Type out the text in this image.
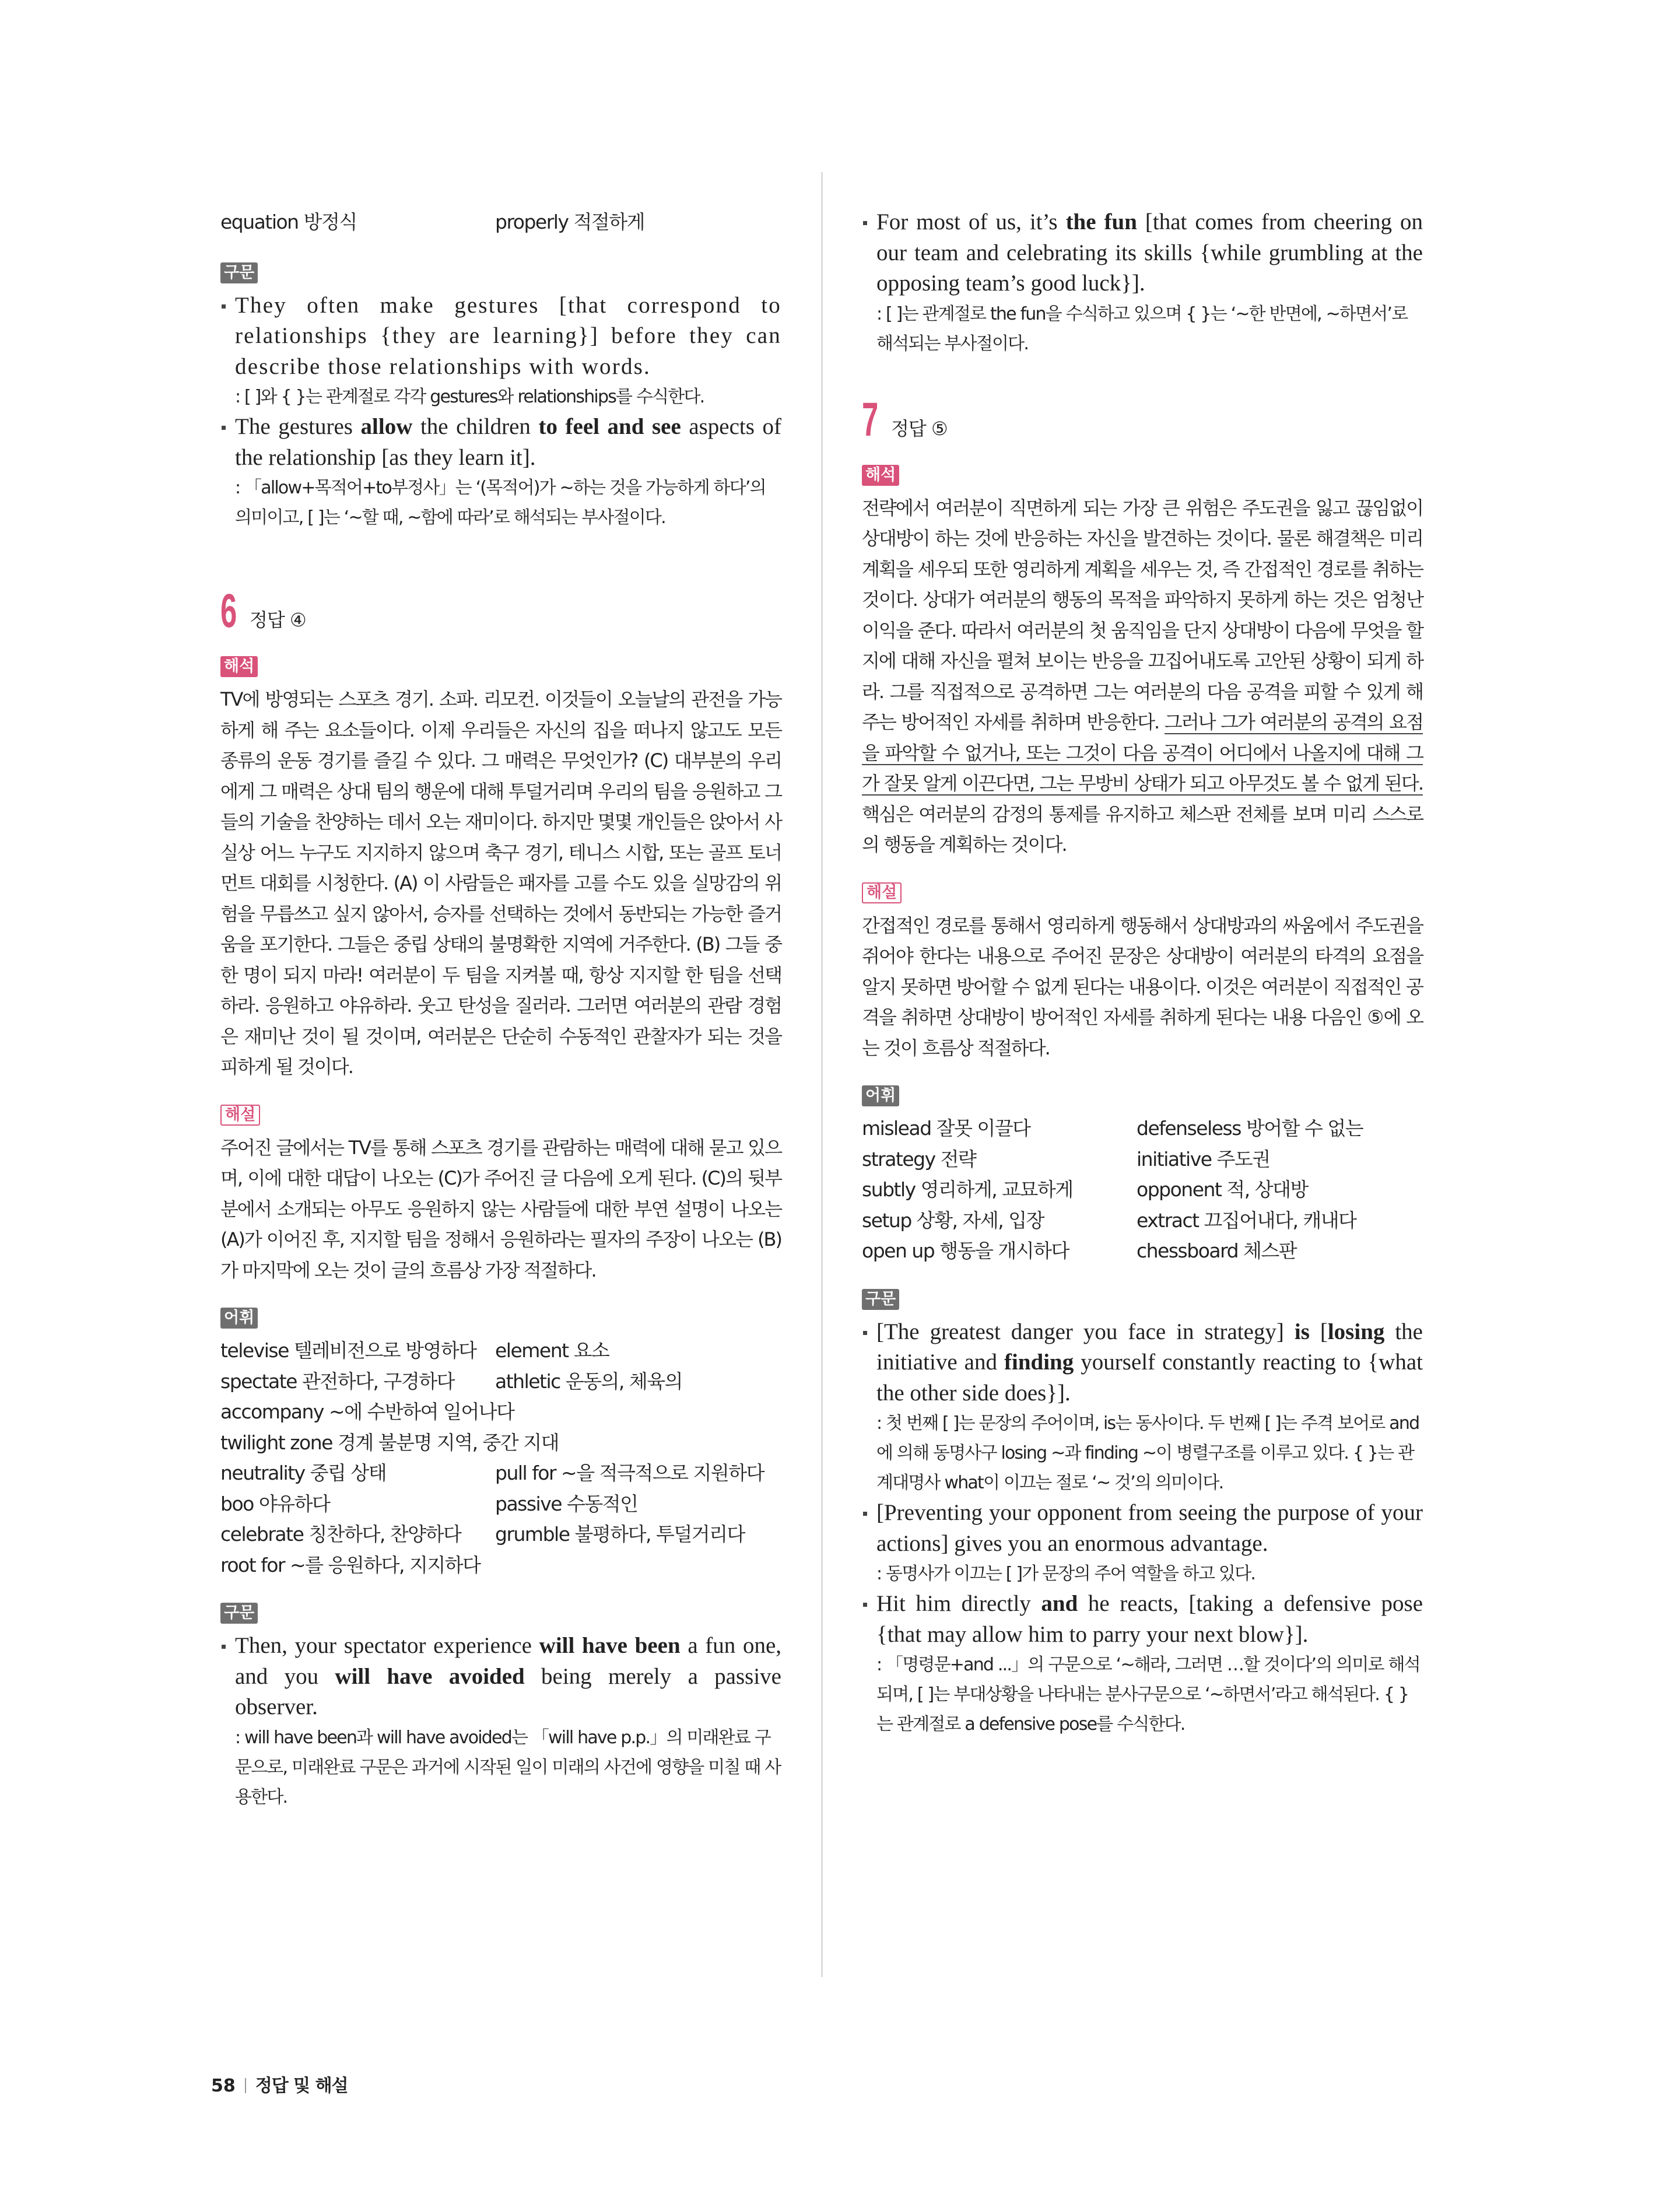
equation 방정식	properly 적절하게
구문
They often make gestures [that correspond to relationships {they are learning}] before they can describe those relationships with words.
: [ ]와 { }는 관계절로 각각 gestures와 relationships를 수식한다.
The gestures allow the children to feel and see aspects of the relationship [as they learn it].
: 「allow+목적어+to부정사」는 ‘(목적어)가 ~하는 것을 가능하게 하다’의 의미이고, [ ]는 ‘~할 때, ~함에 따라’로 해석되는 부사절이다.
6 정답 ④
해석
TV에 방영되는 스포츠 경기. 소파. 리모컨. 이것들이 오늘날의 관전을 가능하게 해 주는 요소들이다. 이제 우리들은 자신의 집을 떠나지 않고도 모든 종류의 운동 경기를 즐길 수 있다. 그 매력은 무엇인가? (C) 대부분의 우리에게 그 매력은 상대 팀의 행운에 대해 투덜거리며 우리의 팀을 응원하고 그들의 기술을 찬양하는 데서 오는 재미이다. 하지만 몇몇 개인들은 앉아서 사실상 어느 누구도 지지하지 않으며 축구 경기, 테니스 시합, 또는 골프 토너먼트 대회를 시청한다. (A) 이 사람들은 패자를 고를 수도 있을 실망감의 위험을 무릅쓰고 싶지 않아서, 승자를 선택하는 것에서 동반되는 가능한 즐거움을 포기한다. 그들은 중립 상태의 불명확한 지역에 거주한다. (B) 그들 중 한 명이 되지 마라! 여러분이 두 팀을 지켜볼 때, 항상 지지할 한 팀을 선택하라. 응원하고 야유하라. 웃고 탄성을 질러라. 그러면 여러분의 관람 경험은 재미난 것이 될 것이며, 여러분은 단순히 수동적인 관찰자가 되는 것을 피하게 될 것이다.
해설
주어진 글에서는 TV를 통해 스포츠 경기를 관람하는 매력에 대해 묻고 있으며, 이에 대한 대답이 나오는 (C)가 주어진 글 다음에 오게 된다. (C)의 뒷부분에서 소개되는 아무도 응원하지 않는 사람들에 대한 부연 설명이 나오는 (A)가 이어진 후, 지지할 팀을 정해서 응원하라는 필자의 주장이 나오는 (B)가 마지막에 오는 것이 글의 흐름상 가장 적절하다.
어휘
televise 텔레비전으로 방영하다 element 요소
spectate 관전하다, 구경하다	athletic 운동의, 체육의
accompany ~에 수반하여 일어나다
twilight zone 경계 불분명 지역, 중간 지대
neutrality 중립 상태	pull for ~을 적극적으로 지원하다
boo 야유하다	passive 수동적인
celebrate 칭찬하다, 찬양하다	grumble 불평하다, 투덜거리다
root for ~를 응원하다, 지지하다
구문
Then, your spectator experience will have been a fun one, and you will have avoided being merely a passive observer.
: will have been과 will have avoided는 「will have p.p.」의 미래완료 구문으로, 미래완료 구문은 과거에 시작된 일이 미래의 사건에 영향을 미칠 때 사용한다.
For most of us, it’s the fun [that comes from cheering on our team and celebrating its skills {while grumbling at the opposing team’s good luck}].
: [ ]는 관계절로 the fun을 수식하고 있으며 { }는 ‘~한 반면에, ~하면서’로 해석되는 부사절이다.
7 정답 ⑤
해석
전략에서 여러분이 직면하게 되는 가장 큰 위험은 주도권을 잃고 끊임없이 상대방이 하는 것에 반응하는 자신을 발견하는 것이다. 물론 해결책은 미리 계획을 세우되 또한 영리하게 계획을 세우는 것, 즉 간접적인 경로를 취하는 것이다. 상대가 여러분의 행동의 목적을 파악하지 못하게 하는 것은 엄청난 이익을 준다. 따라서 여러분의 첫 움직임을 단지 상대방이 다음에 무엇을 할지에 대해 자신을 펼쳐 보이는 반응을 끄집어내도록 고안된 상황이 되게 하라. 그를 직접적으로 공격하면 그는 여러분의 다음 공격을 피할 수 있게 해 주는 방어적인 자세를 취하며 반응한다. 그러나 그가 여러분의 공격의 요점을 파악할 수 없거나, 또는 그것이 다음 공격이 어디에서 나올지에 대해 그가 잘못 알게 이끈다면, 그는 무방비 상태가 되고 아무것도 볼 수 없게 된다. 핵심은 여러분의 감정의 통제를 유지하고 체스판 전체를 보며 미리 스스로의 행동을 계획하는 것이다.
해설
간접적인 경로를 통해서 영리하게 행동해서 상대방과의 싸움에서 주도권을 쥐어야 한다는 내용으로 주어진 문장은 상대방이 여러분의 타격의 요점을 알지 못하면 방어할 수 없게 된다는 내용이다. 이것은 여러분이 직접적인 공격을 취하면 상대방이 방어적인 자세를 취하게 된다는 내용 다음인 ⑤에 오는 것이 흐름상 적절하다.
어휘
mislead 잘못 이끌다	defenseless 방어할 수 없는
strategy 전략	initiative 주도권
subtly 영리하게, 교묘하게	opponent 적, 상대방
setup 상황, 자세, 입장	extract 끄집어내다, 캐내다
open up 행동을 개시하다	chessboard 체스판
구문
[The greatest danger you face in strategy] is [losing the initiative and finding yourself constantly reacting to {what the other side does}].
: 첫 번째 [ ]는 문장의 주어이며, is는 동사이다. 두 번째 [ ]는 주격 보어로 and에 의해 동명사구 losing ~과 finding ~이 병렬구조를 이루고 있다. { }는 관계대명사 what이 이끄는 절로 ‘~ 것’의 의미이다.
[Preventing your opponent from seeing the purpose of your actions] gives you an enormous advantage.
: 동명사가 이끄는 [ ]가 문장의 주어 역할을 하고 있다.
Hit him directly and he reacts, [taking a defensive pose {that may allow him to parry your next blow}].
: 「명령문+and ...」의 구문으로 ‘~해라, 그러면 …할 것이다’의 의미로 해석되며, [ ]는 부대상황을 나타내는 분사구문으로 ‘~하면서’라고 해석된다. { }는 관계절로 a defensive pose를 수식한다.
58 정답 및 해설
